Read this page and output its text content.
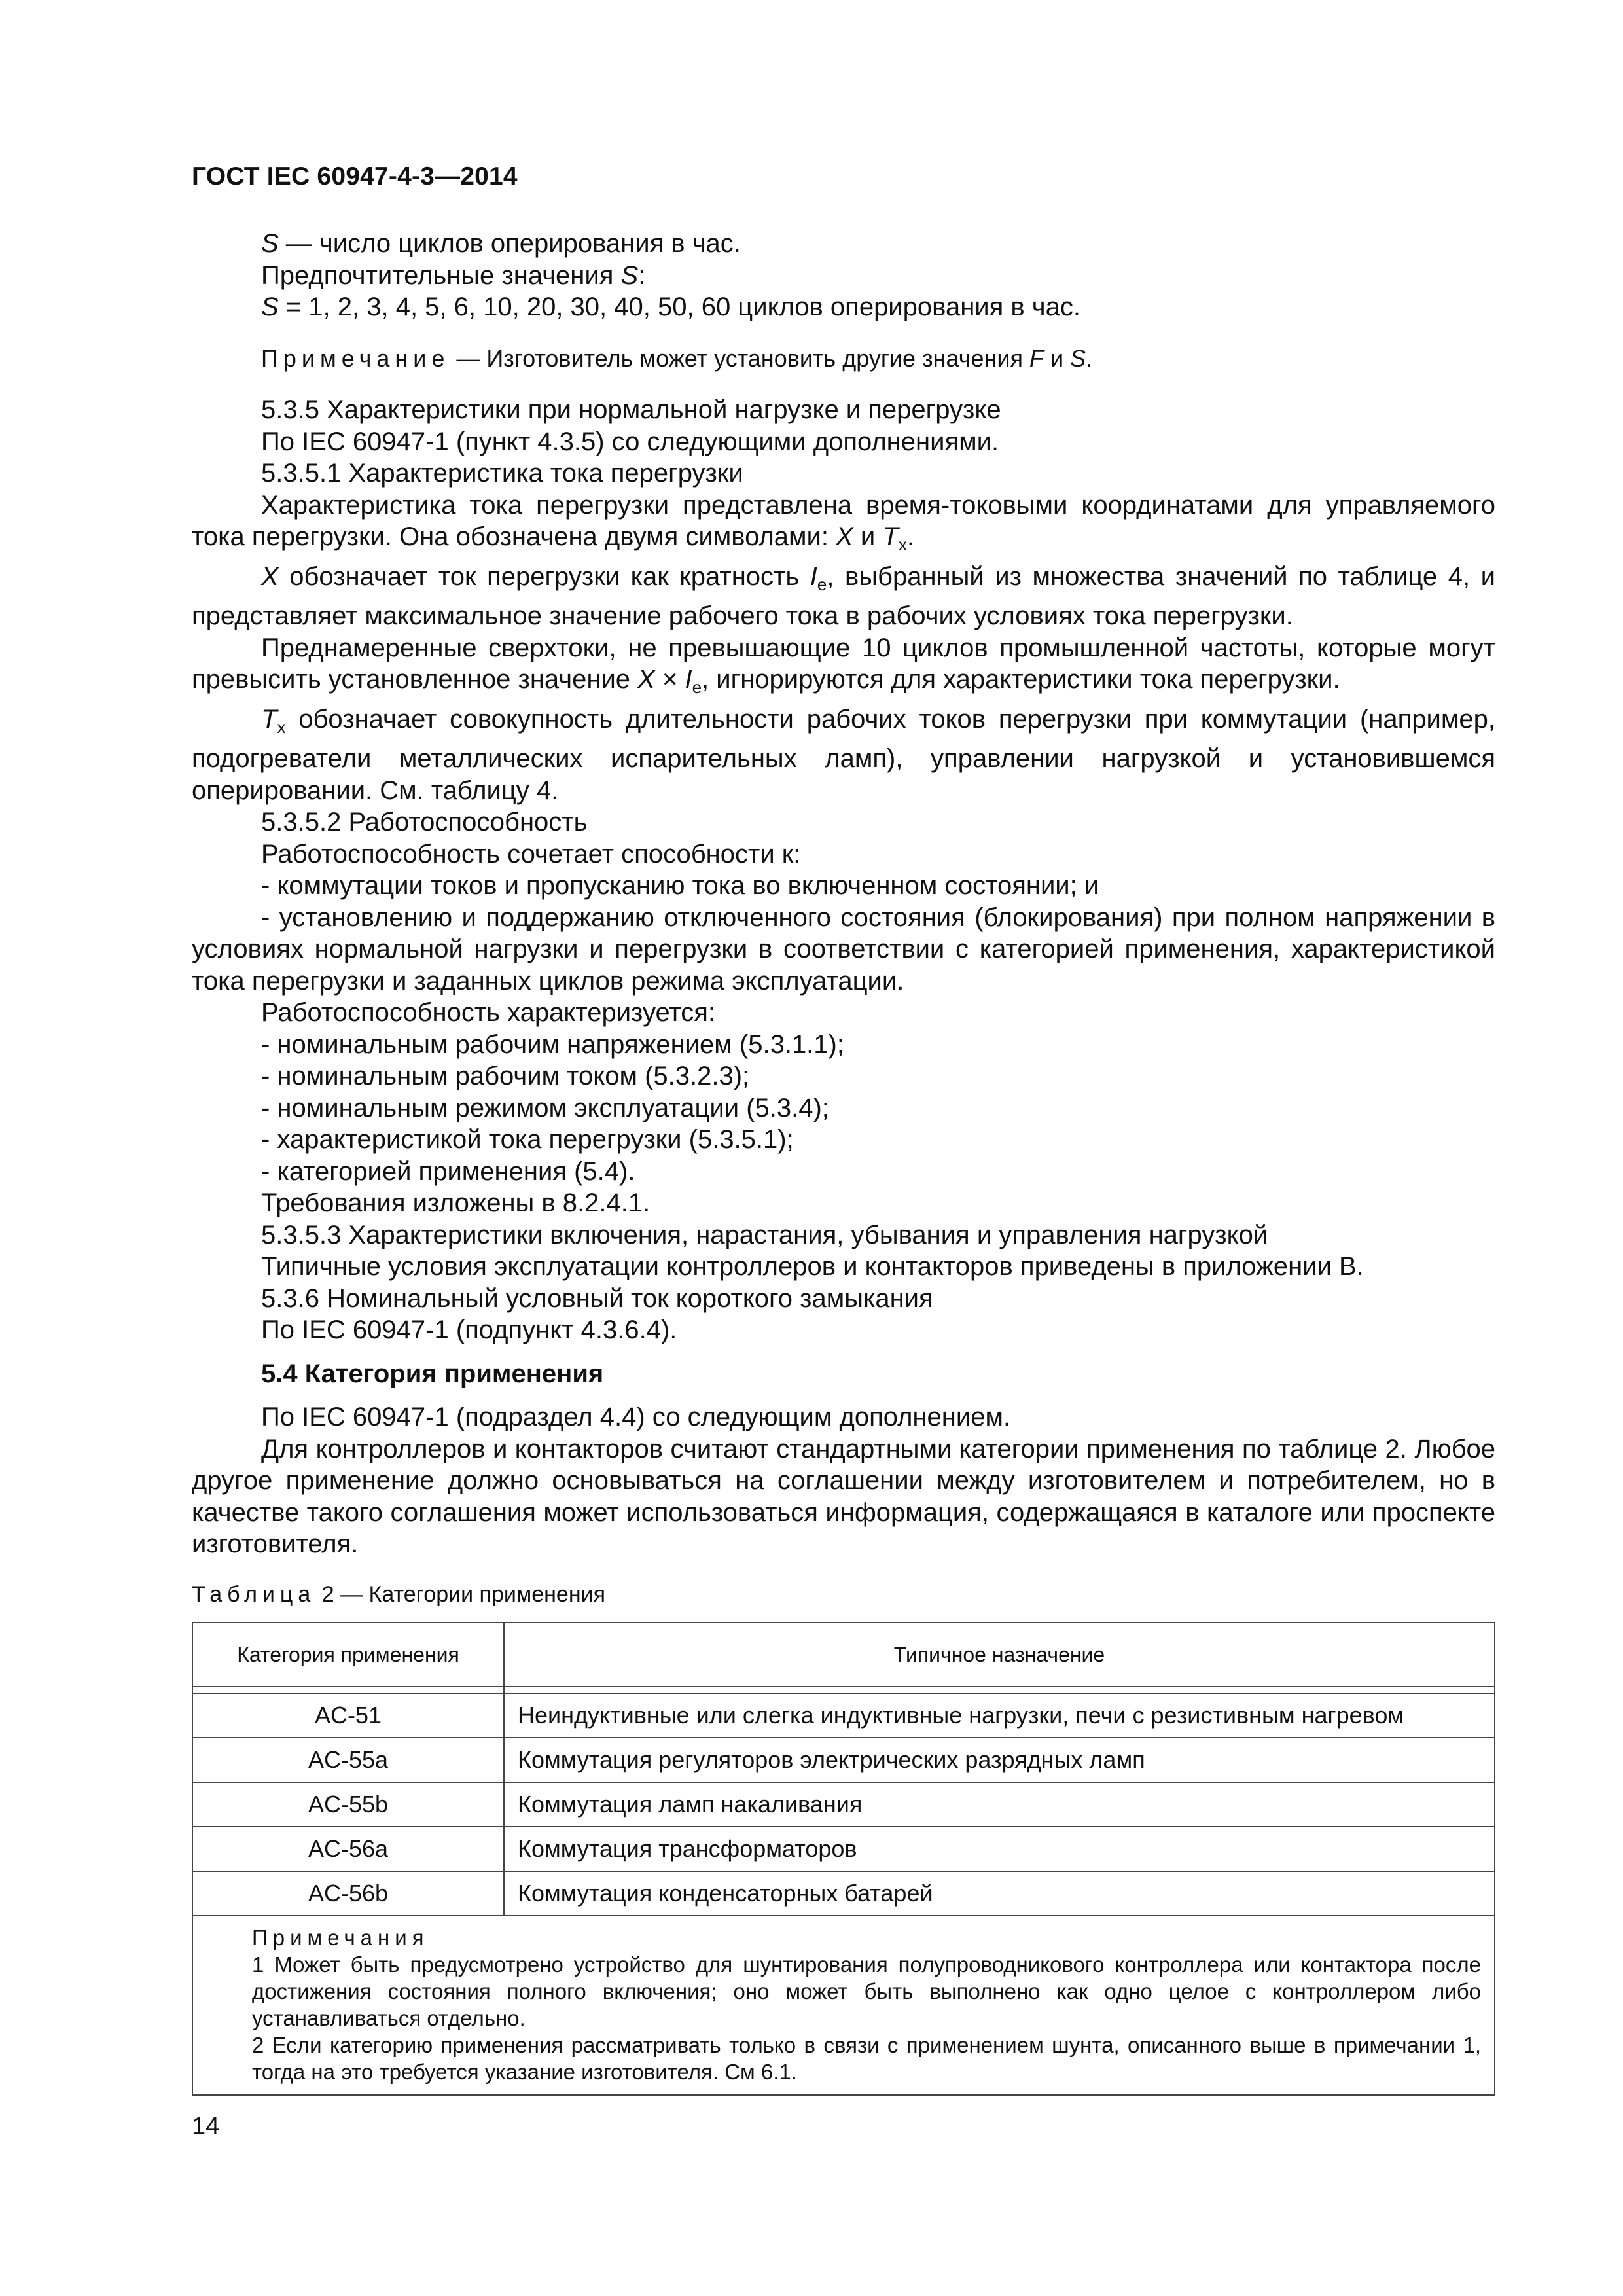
ГОСТ IEC 60947-4-3—2014

S — число циклов оперирования в час.

Предпочтительные значения S:

S = 1, 2, 3, 4, 5, 6, 10, 20, 30, 40, 50, 60 циклов оперирования в час.

Примечание — Изготовитель может установить другие значения F и S.

5.3.5 Характеристики при нормальной нагрузке и перегрузке

По IEC 60947-1 (пункт 4.3.5) со следующими дополнениями.

5.3.5.1 Характеристика тока перегрузки

Характеристика тока перегрузки представлена время-токовыми координатами для управляемого тока перегрузки. Она обозначена двумя символами: X и $T_x$.

X обозначает ток перегрузки как кратность $I_e$, выбранный из множества значений по таблице 4, и представляет максимальное значение рабочего тока в рабочих условиях тока перегрузки.

Преднамеренные сверхтоки, не превышающие 10 циклов промышленной частоты, которые могут превысить установленное значение $X \times I_e$, игнорируются для характеристики тока перегрузки.

$T_x$ обозначает совокупность длительности рабочих токов перегрузки при коммутации (например, подогреватели металлических испарительных ламп), управлении нагрузкой и установившемся оперировании. См. таблицу 4.

5.3.5.2 Работоспособность

Работоспособность сочетает способности к:

- коммутации токов и пропусканию тока во включенном состоянии; и

- установлению и поддержанию отключенного состояния (блокирования) при полном напряжении в условиях нормальной нагрузки и перегрузки в соответствии с категорией применения, характеристикой тока перегрузки и заданных циклов режима эксплуатации.

Работоспособность характеризуется:

- номинальным рабочим напряжением (5.3.1.1);

- номинальным рабочим током (5.3.2.3);

- номинальным режимом эксплуатации (5.3.4);

- характеристикой тока перегрузки (5.3.5.1);

- категорией применения (5.4).

Требования изложены в 8.2.4.1.

5.3.5.3 Характеристики включения, нарастания, убывания и управления нагрузкой

Типичные условия эксплуатации контроллеров и контакторов приведены в приложении В.

5.3.6 Номинальный условный ток короткого замыкания

По IEC 60947-1 (подпункт 4.3.6.4).

5.4 Категория применения

По IEC 60947-1 (подраздел 4.4) со следующим дополнением.

Для контроллеров и контакторов считают стандартными категории применения по таблице 2. Любое другое применение должно основываться на соглашении между изготовителем и потребителем, но в качестве такого соглашения может использоваться информация, содержащаяся в каталоге или проспекте изготовителя.

Таблица 2 — Категории применения
Категория применения	Типичное назначение

AC-51	Неиндуктивные или слегка индуктивные нагрузки, печи с резистивным нагревом
AC-55a	Коммутация регуляторов электрических разрядных ламп
AC-55b	Коммутация ламп накаливания
AC-56a	Коммутация трансформаторов
AC-56b	Коммутация конденсаторных батарей

Примечания

1 Может быть предусмотрено устройство для шунтирования полупроводникового контроллера или контактора после достижения состояния полного включения; оно может быть выполнено как одно целое с контроллером либо устанавливаться отдельно.

2 Если категорию применения рассматривать только в связи с применением шунта, описанного выше в примечании 1, тогда на это требуется указание изготовителя. См 6.1.	

14
